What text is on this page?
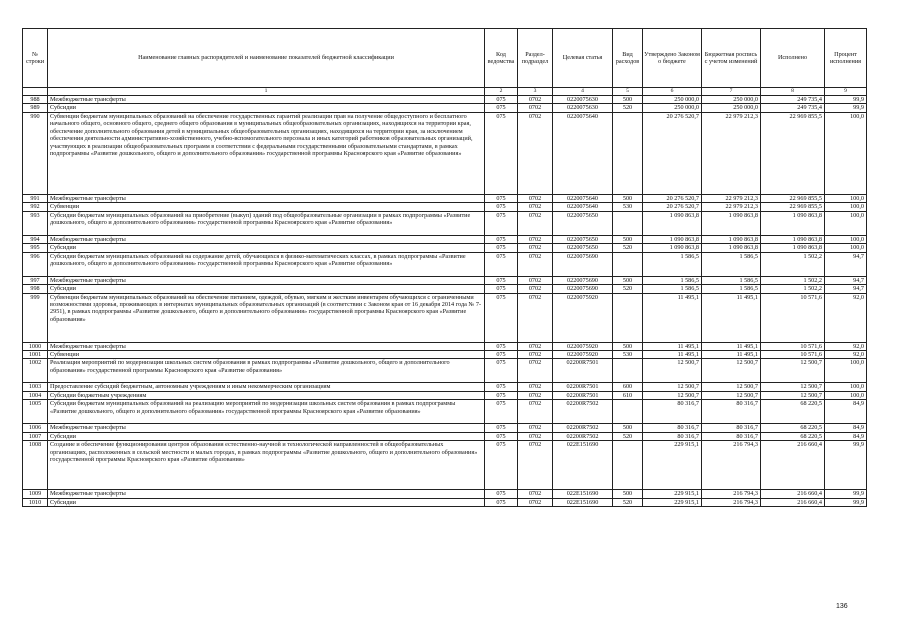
№ строки	Наименование главных распорядителей и наименование показателей бюджетной классификации	Код ведомства	Раздел-подраздел	Целевая статья	Вид расходов	Утверждено Законом о бюджете	Бюджетная роспись с учетом изменений	Исполнено	Процент исполнения
	1	2	3	4	5	6	7	8	9
988	Межбюджетные трансферты	075	0702	0220075630	500	250 000,0	250 000,0	249 735,4	99,9
989	Субсидии	075	0702	0220075630	520	250 000,0	250 000,0	249 735,4	99,9
990	Субвенции бюджетам муниципальных образований на обеспечение государственных гарантий реализации прав на получение общедоступного и бесплатного начального общего, основного общего, среднего общего образования в муниципальных общеобразовательных организациях, находящихся на территории края, обеспечение дополнительного образования детей в муниципальных общеобразовательных организациях, находящихся на территории края, за исключением обеспечения деятельности административно-хозяйственного, учебно-вспомогательного персонала и иных категорий работников образовательных организаций, участвующих в реализации общеобразовательных программ в соответствии с федеральными государственными образовательными стандартами, в рамках подпрограммы «Развитие дошкольного, общего и дополнительного образования» государственной программы Красноярского края «Развитие образования»	075	0702	0220075640		20 276 520,7	22 979 212,3	22 969 855,5	100,0
991	Межбюджетные трансферты	075	0702	0220075640	500	20 276 520,7	22 979 212,3	22 969 855,5	100,0
992	Субвенции	075	0702	0220075640	530	20 276 520,7	22 979 212,3	22 969 855,5	100,0
993	Субсидии бюджетам муниципальных образований на приобретение (выкуп) зданий под общеобразовательные организации в рамках подпрограммы «Развитие дошкольного, общего и дополнительного образования» государственной программы Красноярского края «Развитие образования»	075	0702	0220075650		1 090 863,8	1 090 863,8	1 090 863,8	100,0
994	Межбюджетные трансферты	075	0702	0220075650	500	1 090 863,8	1 090 863,8	1 090 863,8	100,0
995	Субсидии	075	0702	0220075650	520	1 090 863,8	1 090 863,8	1 090 863,8	100,0
996	Субсидии бюджетам муниципальных образований на содержание детей, обучающихся в физико-математических классах, в рамках подпрограммы «Развитие дошкольного, общего и дополнительного образования» государственной программы Красноярского края «Развитие образования»	075	0702	0220075690		1 586,5	1 586,5	1 502,2	94,7
997	Межбюджетные трансферты	075	0702	0220075690	500	1 586,5	1 586,5	1 502,2	94,7
998	Субсидии	075	0702	0220075690	520	1 586,5	1 586,5	1 502,2	94,7
999	Субвенции бюджетам муниципальных образований на обеспечение питанием, одеждой, обувью, мягким и жестким инвентарем обучающихся с ограниченными возможностями здоровья, проживающих в интернатах муниципальных образовательных организаций (в соответствии с Законом края от 16 декабря 2014 года № 7-2951), в рамках подпрограммы «Развитие дошкольного, общего и дополнительного образования» государственной программы Красноярского края «Развитие образования»	075	0702	0220075920		11 495,1	11 495,1	10 571,6	92,0
1000	Межбюджетные трансферты	075	0702	0220075920	500	11 495,1	11 495,1	10 571,6	92,0
1001	Субвенции	075	0702	0220075920	530	11 495,1	11 495,1	10 571,6	92,0
1002	Реализация мероприятий по модернизации школьных систем образования в рамках подпрограммы «Развитие дошкольного, общего и дополнительного образования» государственной программы Красноярского края «Развитие образования»	075	0702	02200R7501		12 500,7	12 500,7	12 500,7	100,0
1003	Предоставление субсидий бюджетным, автономным учреждениям и иным некоммерческим организациям	075	0702	02200R7501	600	12 500,7	12 500,7	12 500,7	100,0
1004	Субсидии бюджетным учреждениям	075	0702	02200R7501	610	12 500,7	12 500,7	12 500,7	100,0
1005	Субсидии бюджетам муниципальных образований на реализацию мероприятий по модернизации школьных систем образования в рамках подпрограммы «Развитие дошкольного, общего и дополнительного образования» государственной программы Красноярского края «Развитие образования»	075	0702	02200R7502		80 316,7	80 316,7	68 220,5	84,9
1006	Межбюджетные трансферты	075	0702	02200R7502	500	80 316,7	80 316,7	68 220,5	84,9
1007	Субсидии	075	0702	02200R7502	520	80 316,7	80 316,7	68 220,5	84,9
1008	Создание и обеспечение функционирования центров образования естественно-научной и технологической направленностей в общеобразовательных организациях, расположенных в сельской местности и малых городах, в рамках подпрограммы «Развитие дошкольного, общего и дополнительного образования» государственной программы Красноярского края «Развитие образования»	075	0702	022E151690		229 915,1	216 794,3	216 660,4	99,9
1009	Межбюджетные трансферты	075	0702	022E151690	500	229 915,1	216 794,3	216 660,4	99,9
1010	Субсидии	075	0702	022E151690	520	229 915,1	216 794,3	216 660,4	99,9
136
